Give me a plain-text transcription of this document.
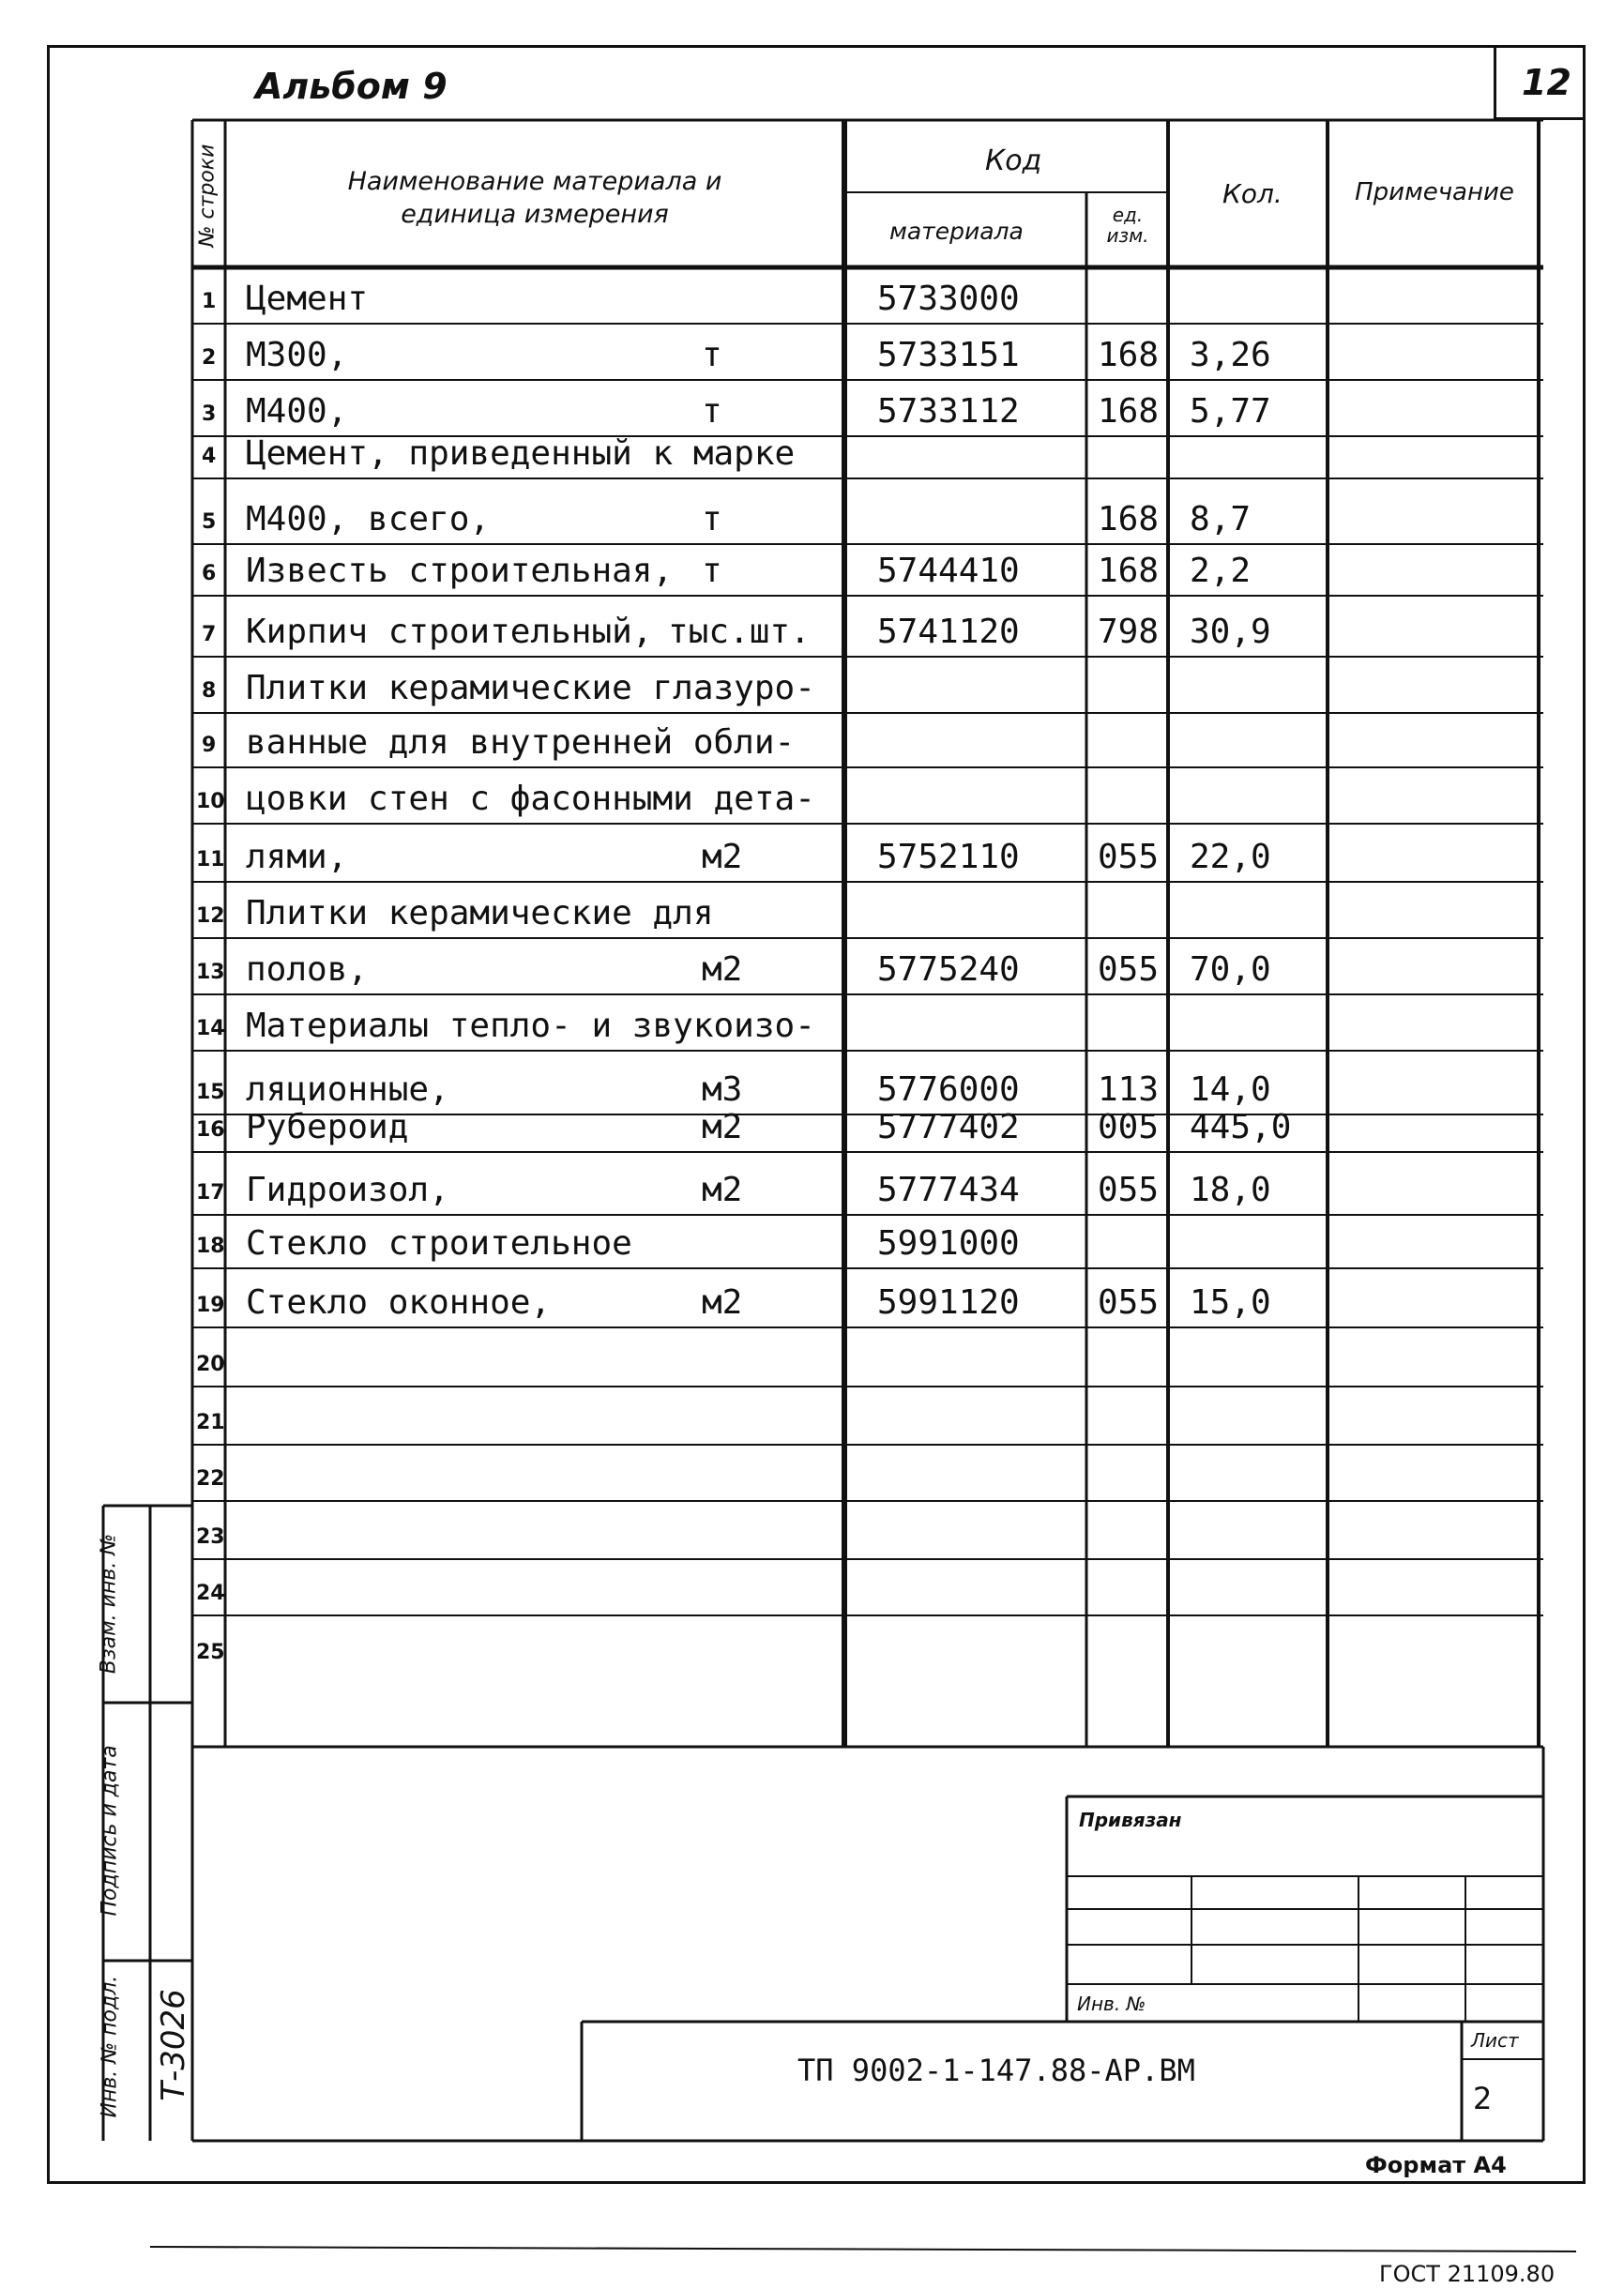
12
Альбом 9
№ строки	Наименование материала и единица измерения
Код
материала
ед. изм.
Кол.	Примечание
1 Цемент	5733000
2 М300,	т	5733151 168 3,26
3 М400,	т	5733112 168 5,77
4 Цемент, приведенный к марке
5 М400, всего,	т	168 8,7
6 Известь строительная, т	5744410 168 2,2
7 Кирпич строительный, тыс.шт. 5741120 798 30,9
8 Плитки керамические глазуро-
9 ванные для внутренней обли-
10 цовки стен с фасонными дета-
11 лями,	м2	5752110 055 22,0
12 Плитки керамические для
13 полов,	м2	5775240 055 70,0
14 Материалы тепло- и звукоизо-
15 ляционные,	м3	5776000 113 14,0
16 Рубероид	м2	5777402 005 445,0
17 Гидроизол,	м2	5777434 055 18,0
18 Стекло строительное	5991000
19 Стекло оконное,	м2	5991120 055 15,0
20
21
22
23
24
25
Взам. инв. №
Подпись и дата
Инв. № подл. Т-3026
Привязан
Инв. №
ТП 9002-1-147.88-АР.ВМ
Лист
2
Формат А4
ГОСТ 21109.80
